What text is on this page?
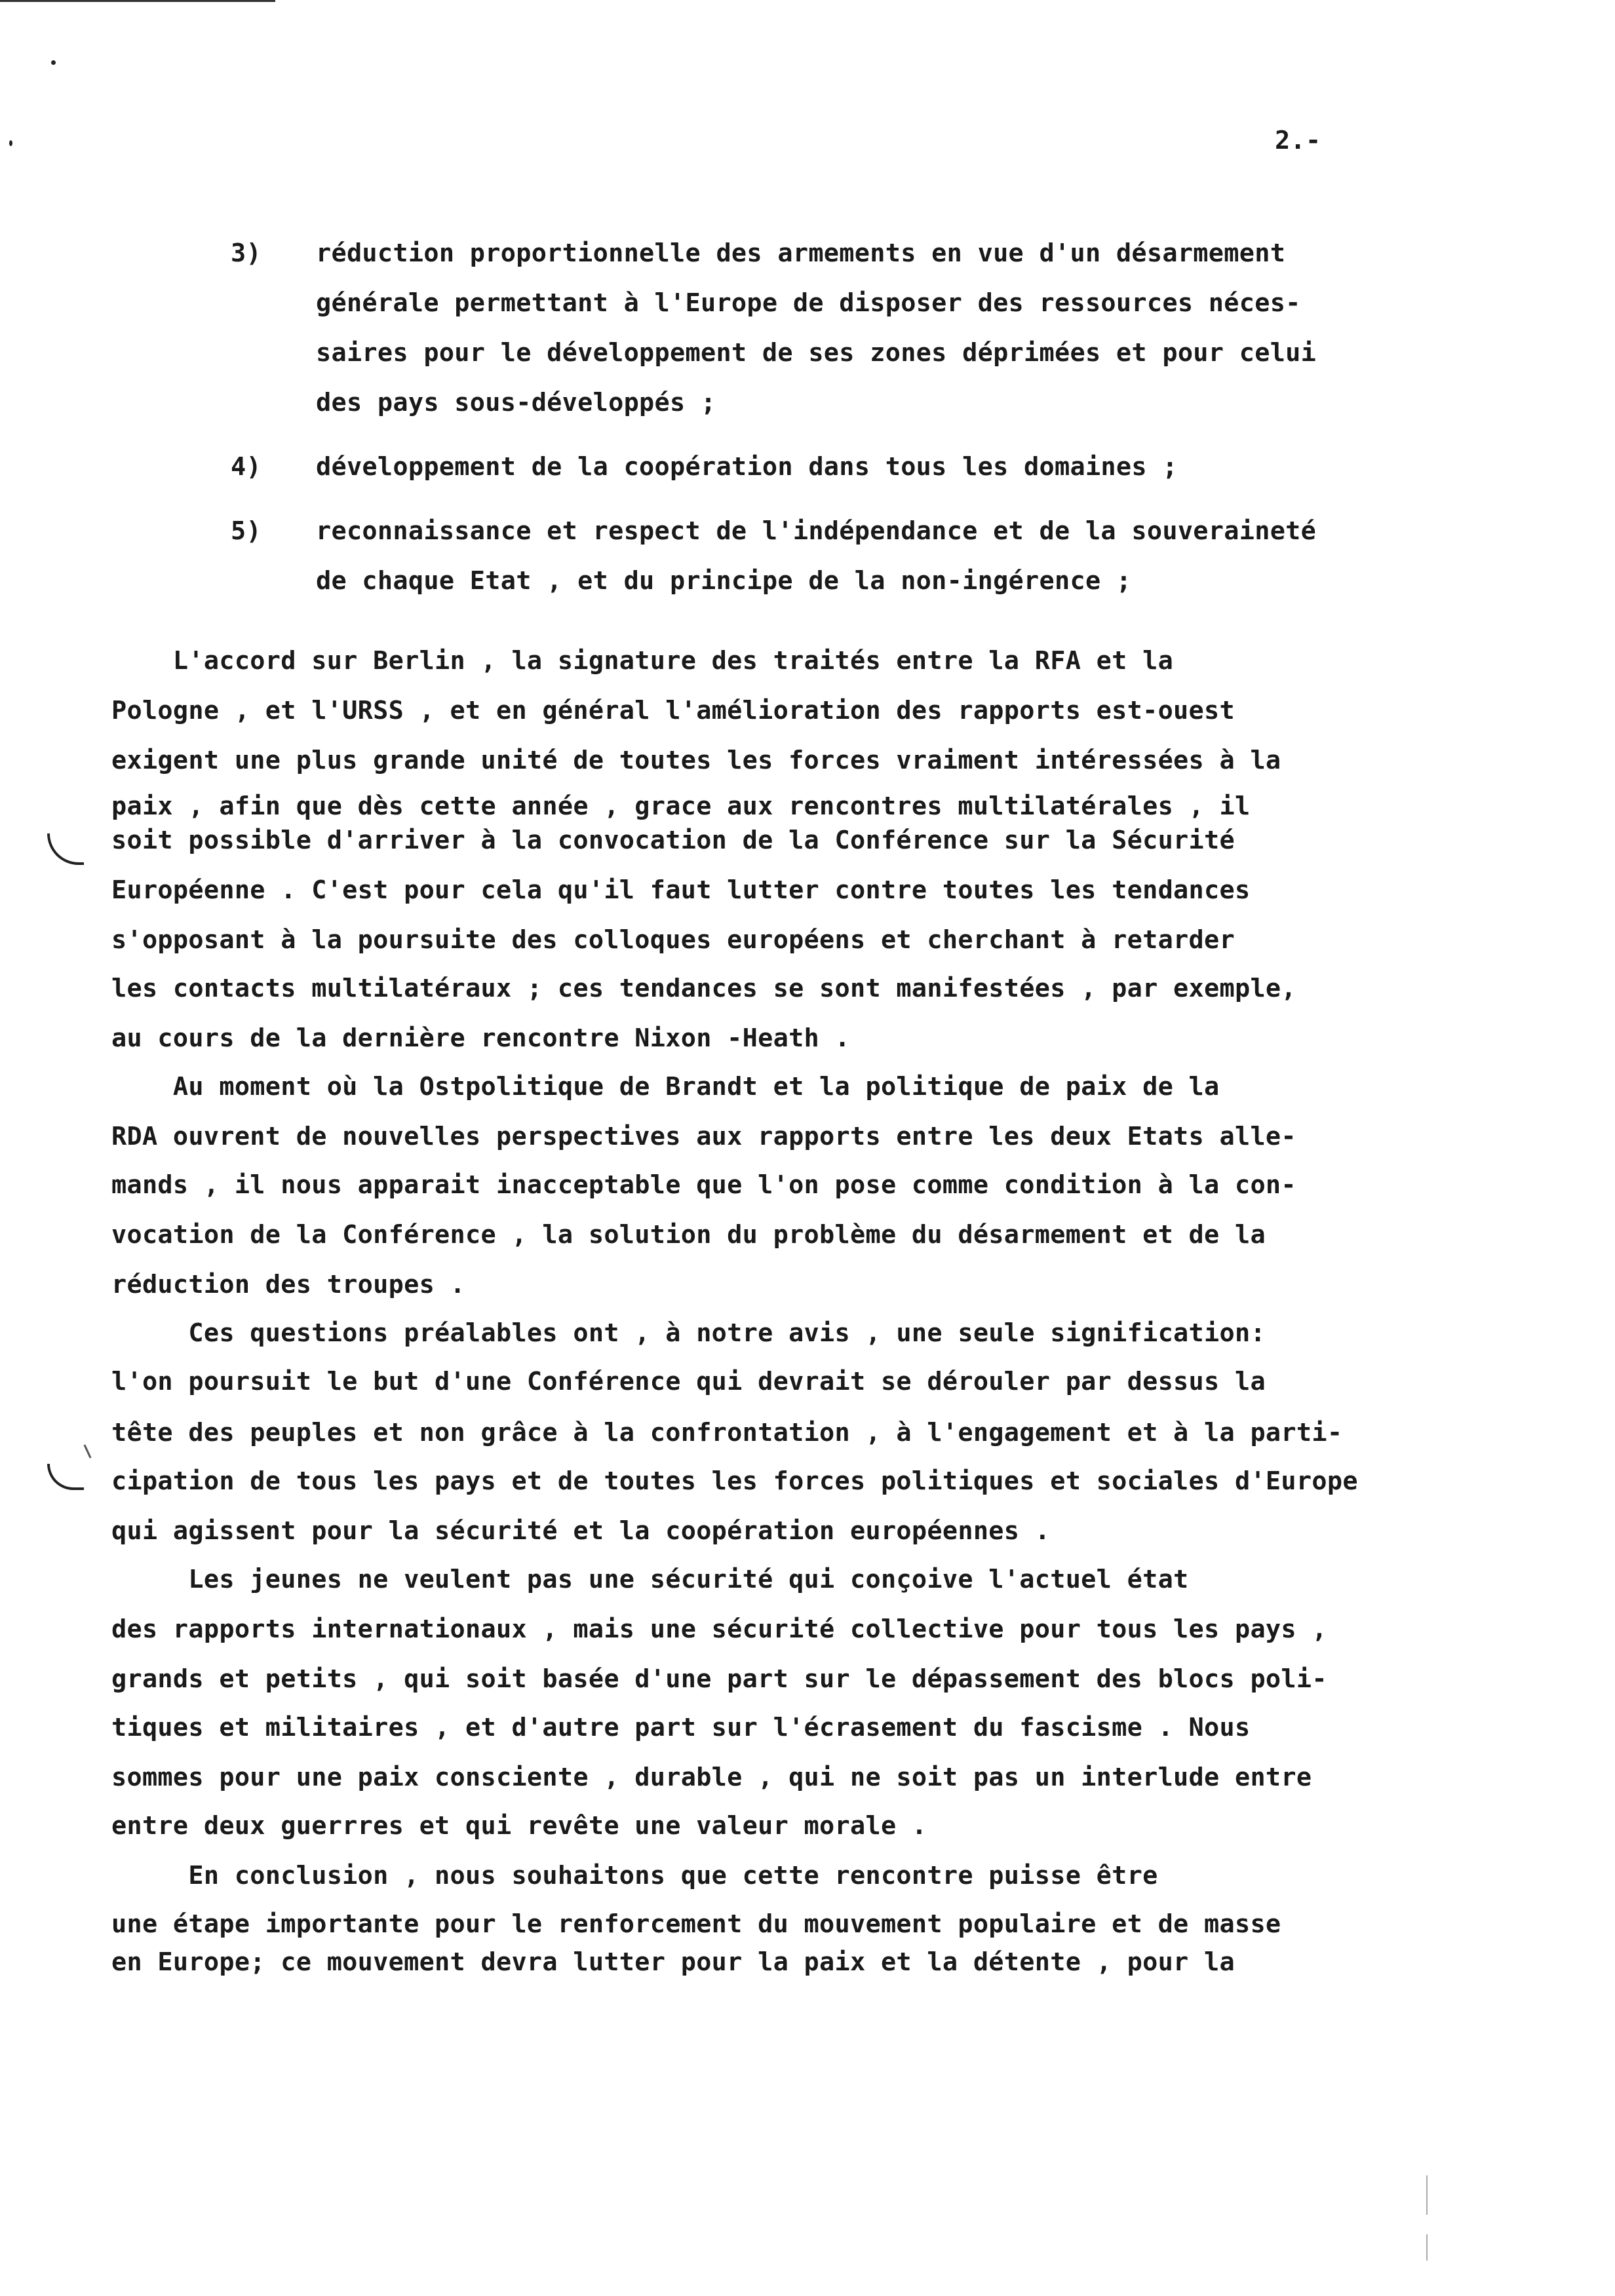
2.-

3)

réduction proportionnelle des armements en vue d'un désarmement

générale permettant à l'Europe de disposer des ressources néces-

saires pour le développement de ses zones déprimées et pour celui

des pays sous-développés ;

4)

développement de la coopération dans tous les domaines ;

5)

reconnaissance et respect de l'indépendance et de la souveraineté

de chaque Etat , et du principe de la non-ingérence ;

L'accord sur Berlin , la signature des traités entre la RFA et la
Pologne , et l'URSS , et en général l'amélioration des rapports est-ouest
exigent une plus grande unité de toutes les forces vraiment intéressées à la
paix , afin que dès cette année , grace aux rencontres multilatérales , il
soit possible d'arriver à la convocation de la Conférence sur la Sécurité
Européenne . C'est pour cela qu'il faut lutter contre toutes les tendances
s'opposant à la poursuite des colloques européens et cherchant à retarder
les contacts multilatéraux ; ces tendances se sont manifestées , par exemple,
au cours de la dernière rencontre Nixon -Heath .
Au moment où la Ostpolitique de Brandt et la politique de paix de la
RDA ouvrent de nouvelles perspectives aux rapports entre les deux Etats alle-
mands , il nous apparait inacceptable que l'on pose comme condition à la con-
vocation de la Conférence , la solution du problème du désarmement et de la
réduction des troupes .
Ces questions préalables ont , à notre avis , une seule signification:
l'on poursuit le but d'une Conférence qui devrait se dérouler par dessus la
tête des peuples et non grâce à la confrontation , à l'engagement et à la parti-
cipation de tous les pays et de toutes les forces politiques et sociales d'Europe
qui agissent pour la sécurité et la coopération européennes .
Les jeunes ne veulent pas une sécurité qui conçoive l'actuel état
des rapports internationaux , mais une sécurité collective pour tous les pays ,
grands et petits , qui soit basée d'une part sur le dépassement des blocs poli-
tiques et militaires , et d'autre part sur l'écrasement du fascisme . Nous
sommes pour une paix consciente , durable , qui ne soit pas un interlude entre
entre deux guerrres et qui revête une valeur morale .
En conclusion , nous souhaitons que cette rencontre puisse être
une étape importante pour le renforcement du mouvement populaire et de masse
en Europe; ce mouvement devra lutter pour la paix et la détente , pour la
